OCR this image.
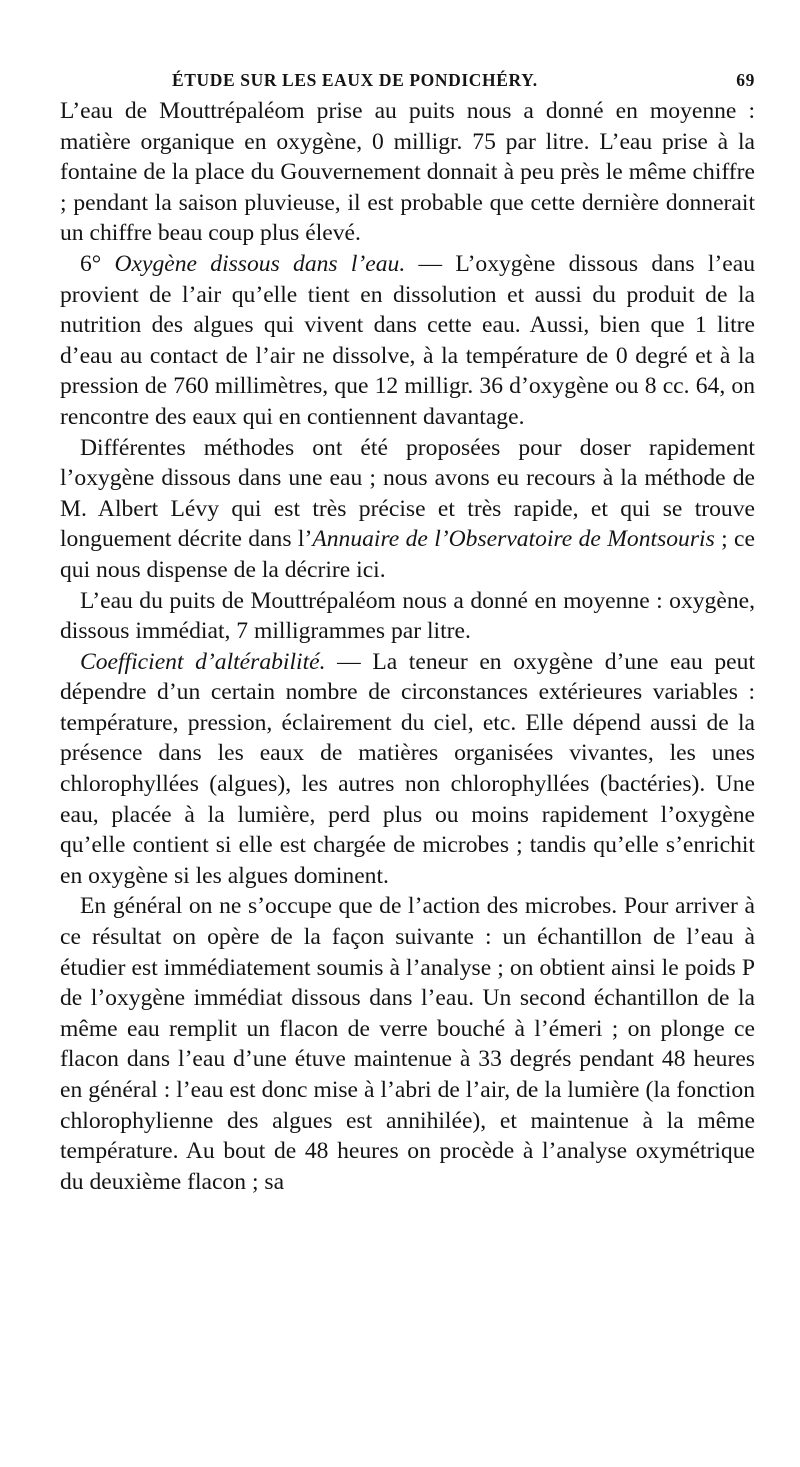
ÉTUDE SUR LES EAUX DE PONDICHÉRY.	69

L’eau de Mouttrépaléom prise au puits nous a donné en moyenne : matière organique en oxygène, 0 milligr. 75 par litre. L’eau prise à la fontaine de la place du Gouvernement donnait à peu près le même chiffre ; pendant la saison pluvieuse, il est probable que cette dernière donnerait un chiffre beau coup plus élevé.

6° Oxygène dissous dans l’eau. — L’oxygène dissous dans l’eau provient de l’air qu’elle tient en dissolution et aussi du produit de la nutrition des algues qui vivent dans cette eau. Aussi, bien que 1 litre d’eau au contact de l’air ne dissolve, à la température de 0 degré et à la pression de 760 millimètres, que 12 milligr. 36 d’oxygène ou 8 cc. 64, on rencontre des eaux qui en contiennent davantage.

Différentes méthodes ont été proposées pour doser rapidement l’oxygène dissous dans une eau ; nous avons eu recours à la méthode de M. Albert Lévy qui est très précise et très rapide, et qui se trouve longuement décrite dans l’Annuaire de l’Observatoire de Montsouris ; ce qui nous dispense de la décrire ici.

L’eau du puits de Mouttrépaléom nous a donné en moyenne : oxygène, dissous immédiat, 7 milligrammes par litre.

Coefficient d’altérabilité. — La teneur en oxygène d’une eau peut dépendre d’un certain nombre de circonstances extérieures variables : température, pression, éclairement du ciel, etc. Elle dépend aussi de la présence dans les eaux de matières organisées vivantes, les unes chlorophyllées (algues), les autres non chlorophyllées (bactéries). Une eau, placée à la lumière, perd plus ou moins rapidement l’oxygène qu’elle contient si elle est chargée de microbes ; tandis qu’elle s’enrichit en oxygène si les algues dominent.

En général on ne s’occupe que de l’action des microbes. Pour arriver à ce résultat on opère de la façon suivante : un échantillon de l’eau à étudier est immédiatement soumis à l’analyse ; on obtient ainsi le poids P de l’oxygène immédiat dissous dans l’eau. Un second échantillon de la même eau remplit un flacon de verre bouché à l’émeri ; on plonge ce flacon dans l’eau d’une étuve maintenue à 33 degrés pendant 48 heures en général : l’eau est donc mise à l’abri de l’air, de la lumière (la fonction chlorophylienne des algues est annihilée), et maintenue à la même température. Au bout de 48 heures on procède à l’analyse oxymétrique du deuxième flacon ; sa
